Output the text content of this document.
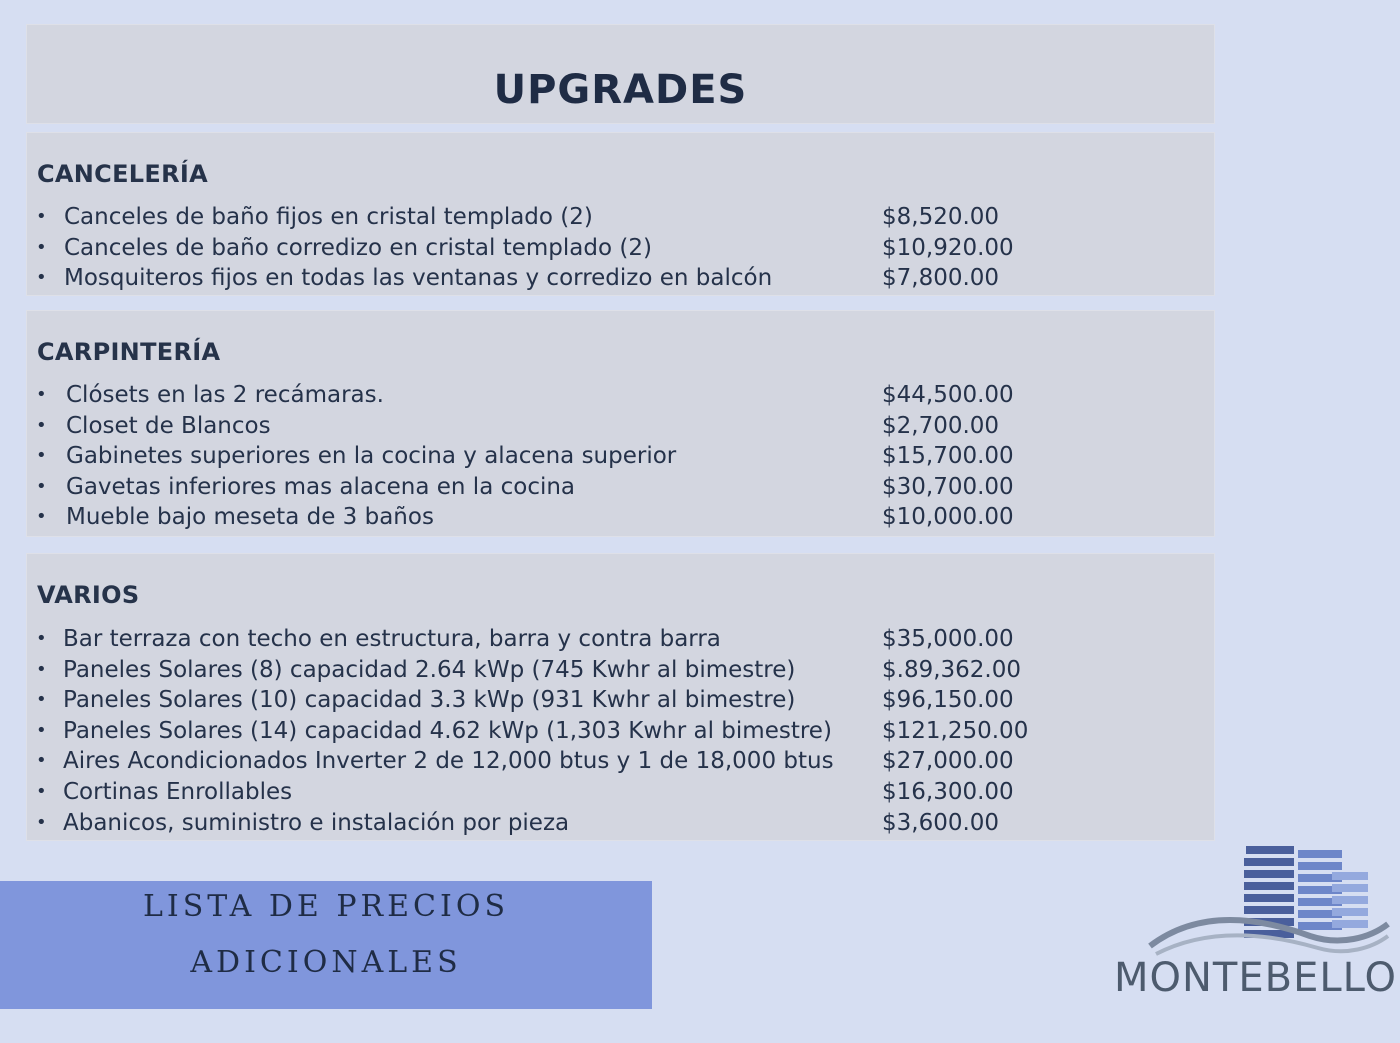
UPGRADES
CANCELERÍA
• Canceles de baño fijos en cristal templado (2)	$8,520.00
• Canceles de baño corredizo en cristal templado (2)	$10,920.00
• Mosquiteros fijos en todas las ventanas y corredizo en balcón	$7,800.00
CARPINTERÍA
• Clósets en las 2 recámaras.	$44,500.00
• Closet de Blancos	$2,700.00
• Gabinetes superiores en la cocina y alacena superior	$15,700.00
• Gavetas inferiores mas alacena en la cocina	$30,700.00
• Mueble bajo meseta de 3 baños	$10,000.00
VARIOS
• Bar terraza con techo en estructura, barra y contra barra	$35,000.00
• Paneles Solares (8) capacidad 2.64 kWp (745 Kwhr al bimestre)	$.89,362.00
• Paneles Solares (10) capacidad 3.3 kWp (931 Kwhr al bimestre)	$96,150.00
• Paneles Solares (14) capacidad 4.62 kWp (1,303 Kwhr al bimestre) $121,250.00
• Aires Acondicionados Inverter 2 de 12,000 btus y 1 de 18,000 btus $27,000.00
• Cortinas Enrollables	$16,300.00
• Abanicos, suministro e instalación por pieza	$3,600.00
LISTA DE PRECIOS
ADICIONALES	MONTEBELLO
